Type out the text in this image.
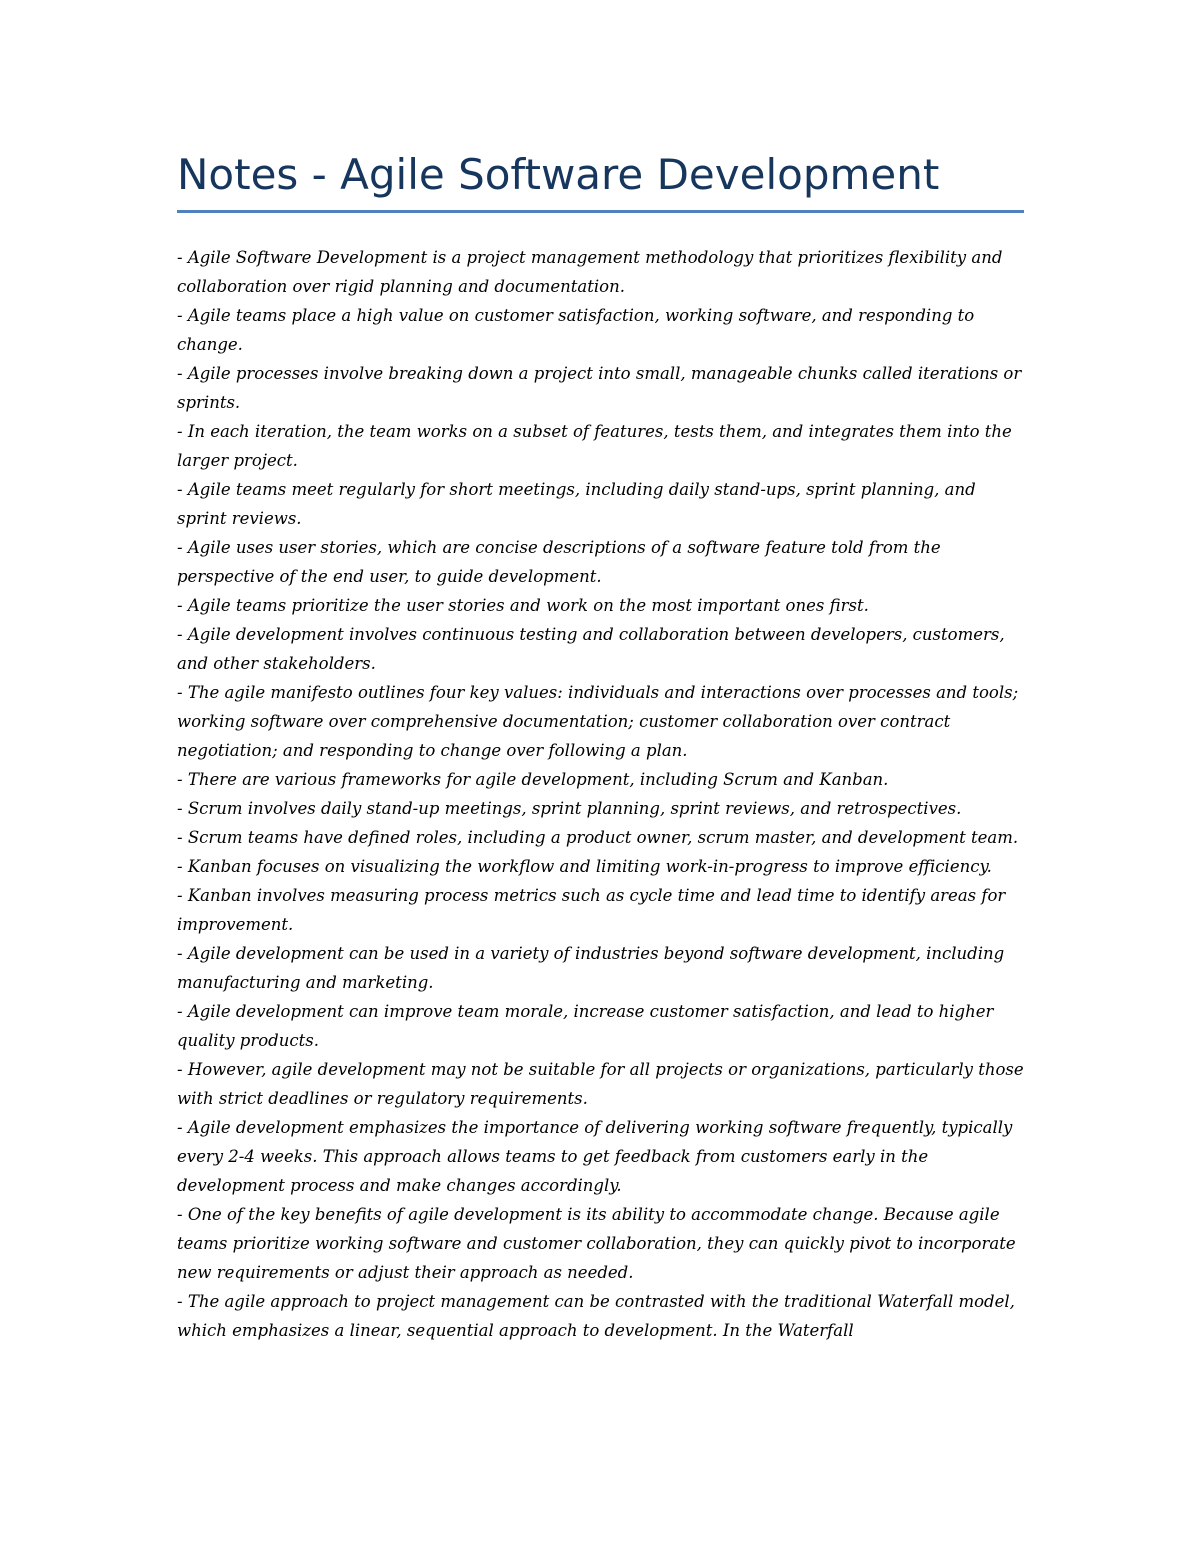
Notes - Agile Software Development
- Agile Software Development is a project management methodology that prioritizes flexibility and collaboration over rigid planning and documentation.
- Agile teams place a high value on customer satisfaction, working software, and responding to change.
- Agile processes involve breaking down a project into small, manageable chunks called iterations or sprints.
- In each iteration, the team works on a subset of features, tests them, and integrates them into the larger project.
- Agile teams meet regularly for short meetings, including daily stand-ups, sprint planning, and sprint reviews.
- Agile uses user stories, which are concise descriptions of a software feature told from the perspective of the end user, to guide development.
- Agile teams prioritize the user stories and work on the most important ones first.
- Agile development involves continuous testing and collaboration between developers, customers, and other stakeholders.
- The agile manifesto outlines four key values: individuals and interactions over processes and tools; working software over comprehensive documentation; customer collaboration over contract negotiation; and responding to change over following a plan.
- There are various frameworks for agile development, including Scrum and Kanban.
- Scrum involves daily stand-up meetings, sprint planning, sprint reviews, and retrospectives.
- Scrum teams have defined roles, including a product owner, scrum master, and development team.
- Kanban focuses on visualizing the workflow and limiting work-in-progress to improve efficiency.
- Kanban involves measuring process metrics such as cycle time and lead time to identify areas for improvement.
- Agile development can be used in a variety of industries beyond software development, including manufacturing and marketing.
- Agile development can improve team morale, increase customer satisfaction, and lead to higher quality products.
- However, agile development may not be suitable for all projects or organizations, particularly those with strict deadlines or regulatory requirements.
- Agile development emphasizes the importance of delivering working software frequently, typically every 2-4 weeks. This approach allows teams to get feedback from customers early in the development process and make changes accordingly.
- One of the key benefits of agile development is its ability to accommodate change. Because agile teams prioritize working software and customer collaboration, they can quickly pivot to incorporate new requirements or adjust their approach as needed.
- The agile approach to project management can be contrasted with the traditional Waterfall model, which emphasizes a linear, sequential approach to development. In the Waterfall
